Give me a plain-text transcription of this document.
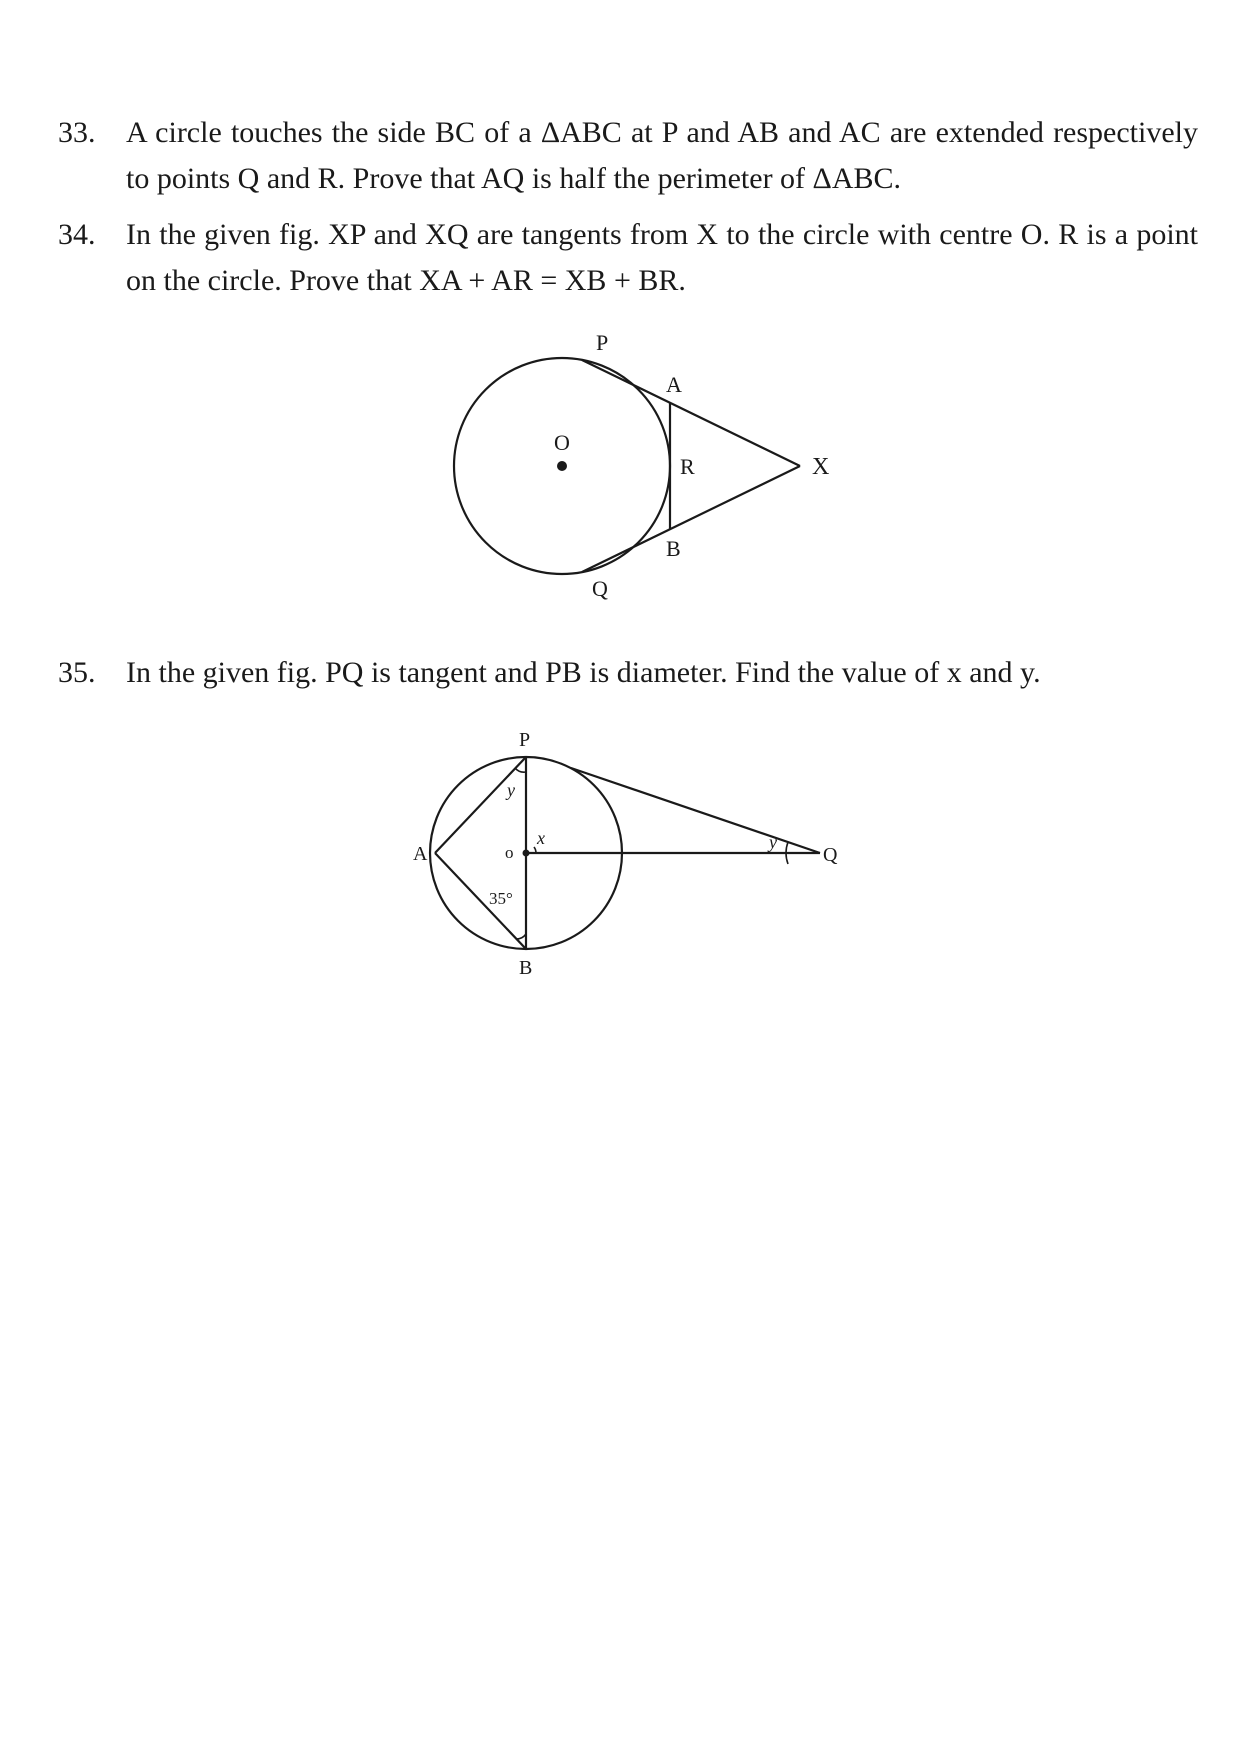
33.	A circle touches the side BC of a ΔABC at P and AB and AC are extended respectively to points Q and R. Prove that AQ is half the perimeter of ΔABC.
34.	In the given fig. XP and XQ are tangents from X to the circle with centre O. R is a point on the circle. Prove that XA + AR = XB + BR.
P
A
O
R	X
B
Q
35.	In the given fig. PQ is tangent and PB is diameter. Find the value of x and y.
P
A	o
x
y
y
Q
35°
B
